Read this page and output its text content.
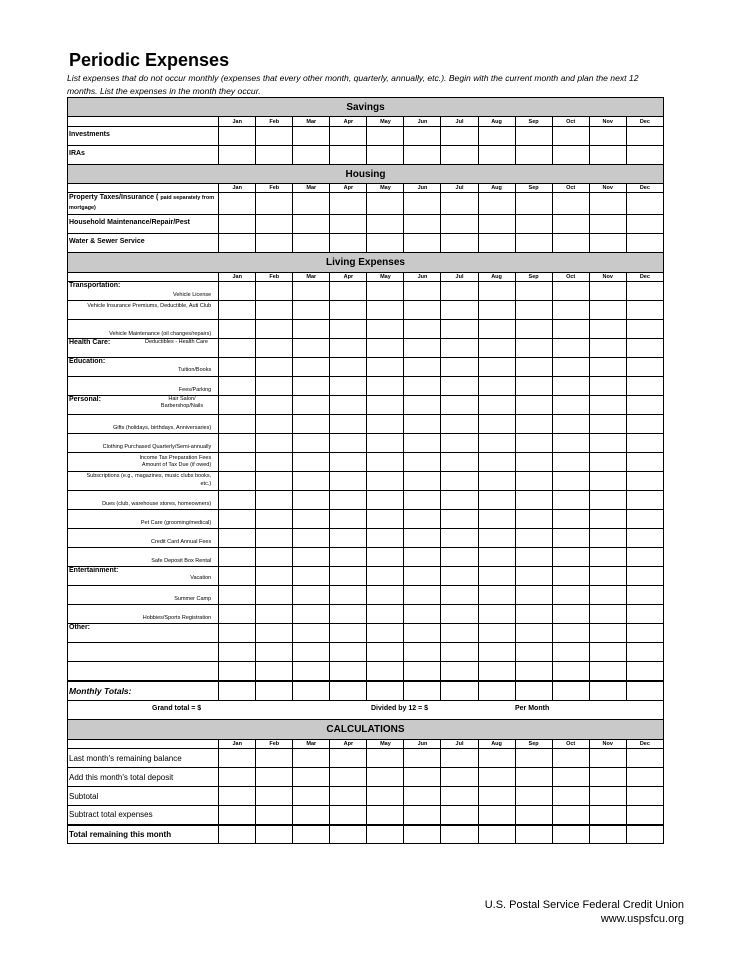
Periodic Expenses
List expenses that do not occur monthly (expenses that every other month, quarterly, annually, etc.). Begin with the current month and plan the next 12 months. List the expenses in the month they occur.
Savings												
	Jan	Feb	Mar	Apr	May	Jun	Jul	Aug	Sep	Oct	Nov	Dec

Investments												

IRAs												

Housing												
	Jan	Feb	Mar	Apr	May	Jun	Jul	Aug	Sep	Oct	Nov	Dec

Property Taxes/Insurance ( paid separately from mortgage)												

Household Maintenance/Repair/Pest												

Water & Sewer Service												

Living Expenses												
	Jan	Feb	Mar	Apr	May	Jun	Jul	Aug	Sep	Oct	Nov	Dec

Transportation:
Vehicle License												

Vehicle Insurance Premiums, Deductible, Auti Club												

Vehicle Maintenance (oil changes/repairs)												

Health Care: Deductibles - Health Care												

Education:
Tuition/Books												

Fees/Parking												

Personal: Hair Salon/ Barbershop/Nails												

Gifts (holidays, birthdays, Anniversaries)												

Clothing Purchased Quarterly/Semi-annually												

Income Tax Preparation Fees
Amount of Tax Due (if owed)												

Subscriptions (e.g., magazines, music clubs books, etc.)												

Dues (club, warehouse stores, homeowners)												

Pet Care (grooming/medical)												

Credit Card Annual Fees												

Safe Deposit Box Rental												

Entertainment:
Vacation												

Summer Camp												

Hobbies/Sports Registration												

Other:												

Monthly Totals:												

Grand total = $ Divided by 12 = $ Per Month												

CALCULATIONS												
	Jan	Feb	Mar	Apr	May	Jun	Jul	Aug	Sep	Oct	Nov	Dec

Last month's remaining balance												

Add this month's total deposit												

Subtotal												

Subtract total expenses												

Total remaining this month												

U.S. Postal Service Federal Credit Union
www.uspsfcu.org
